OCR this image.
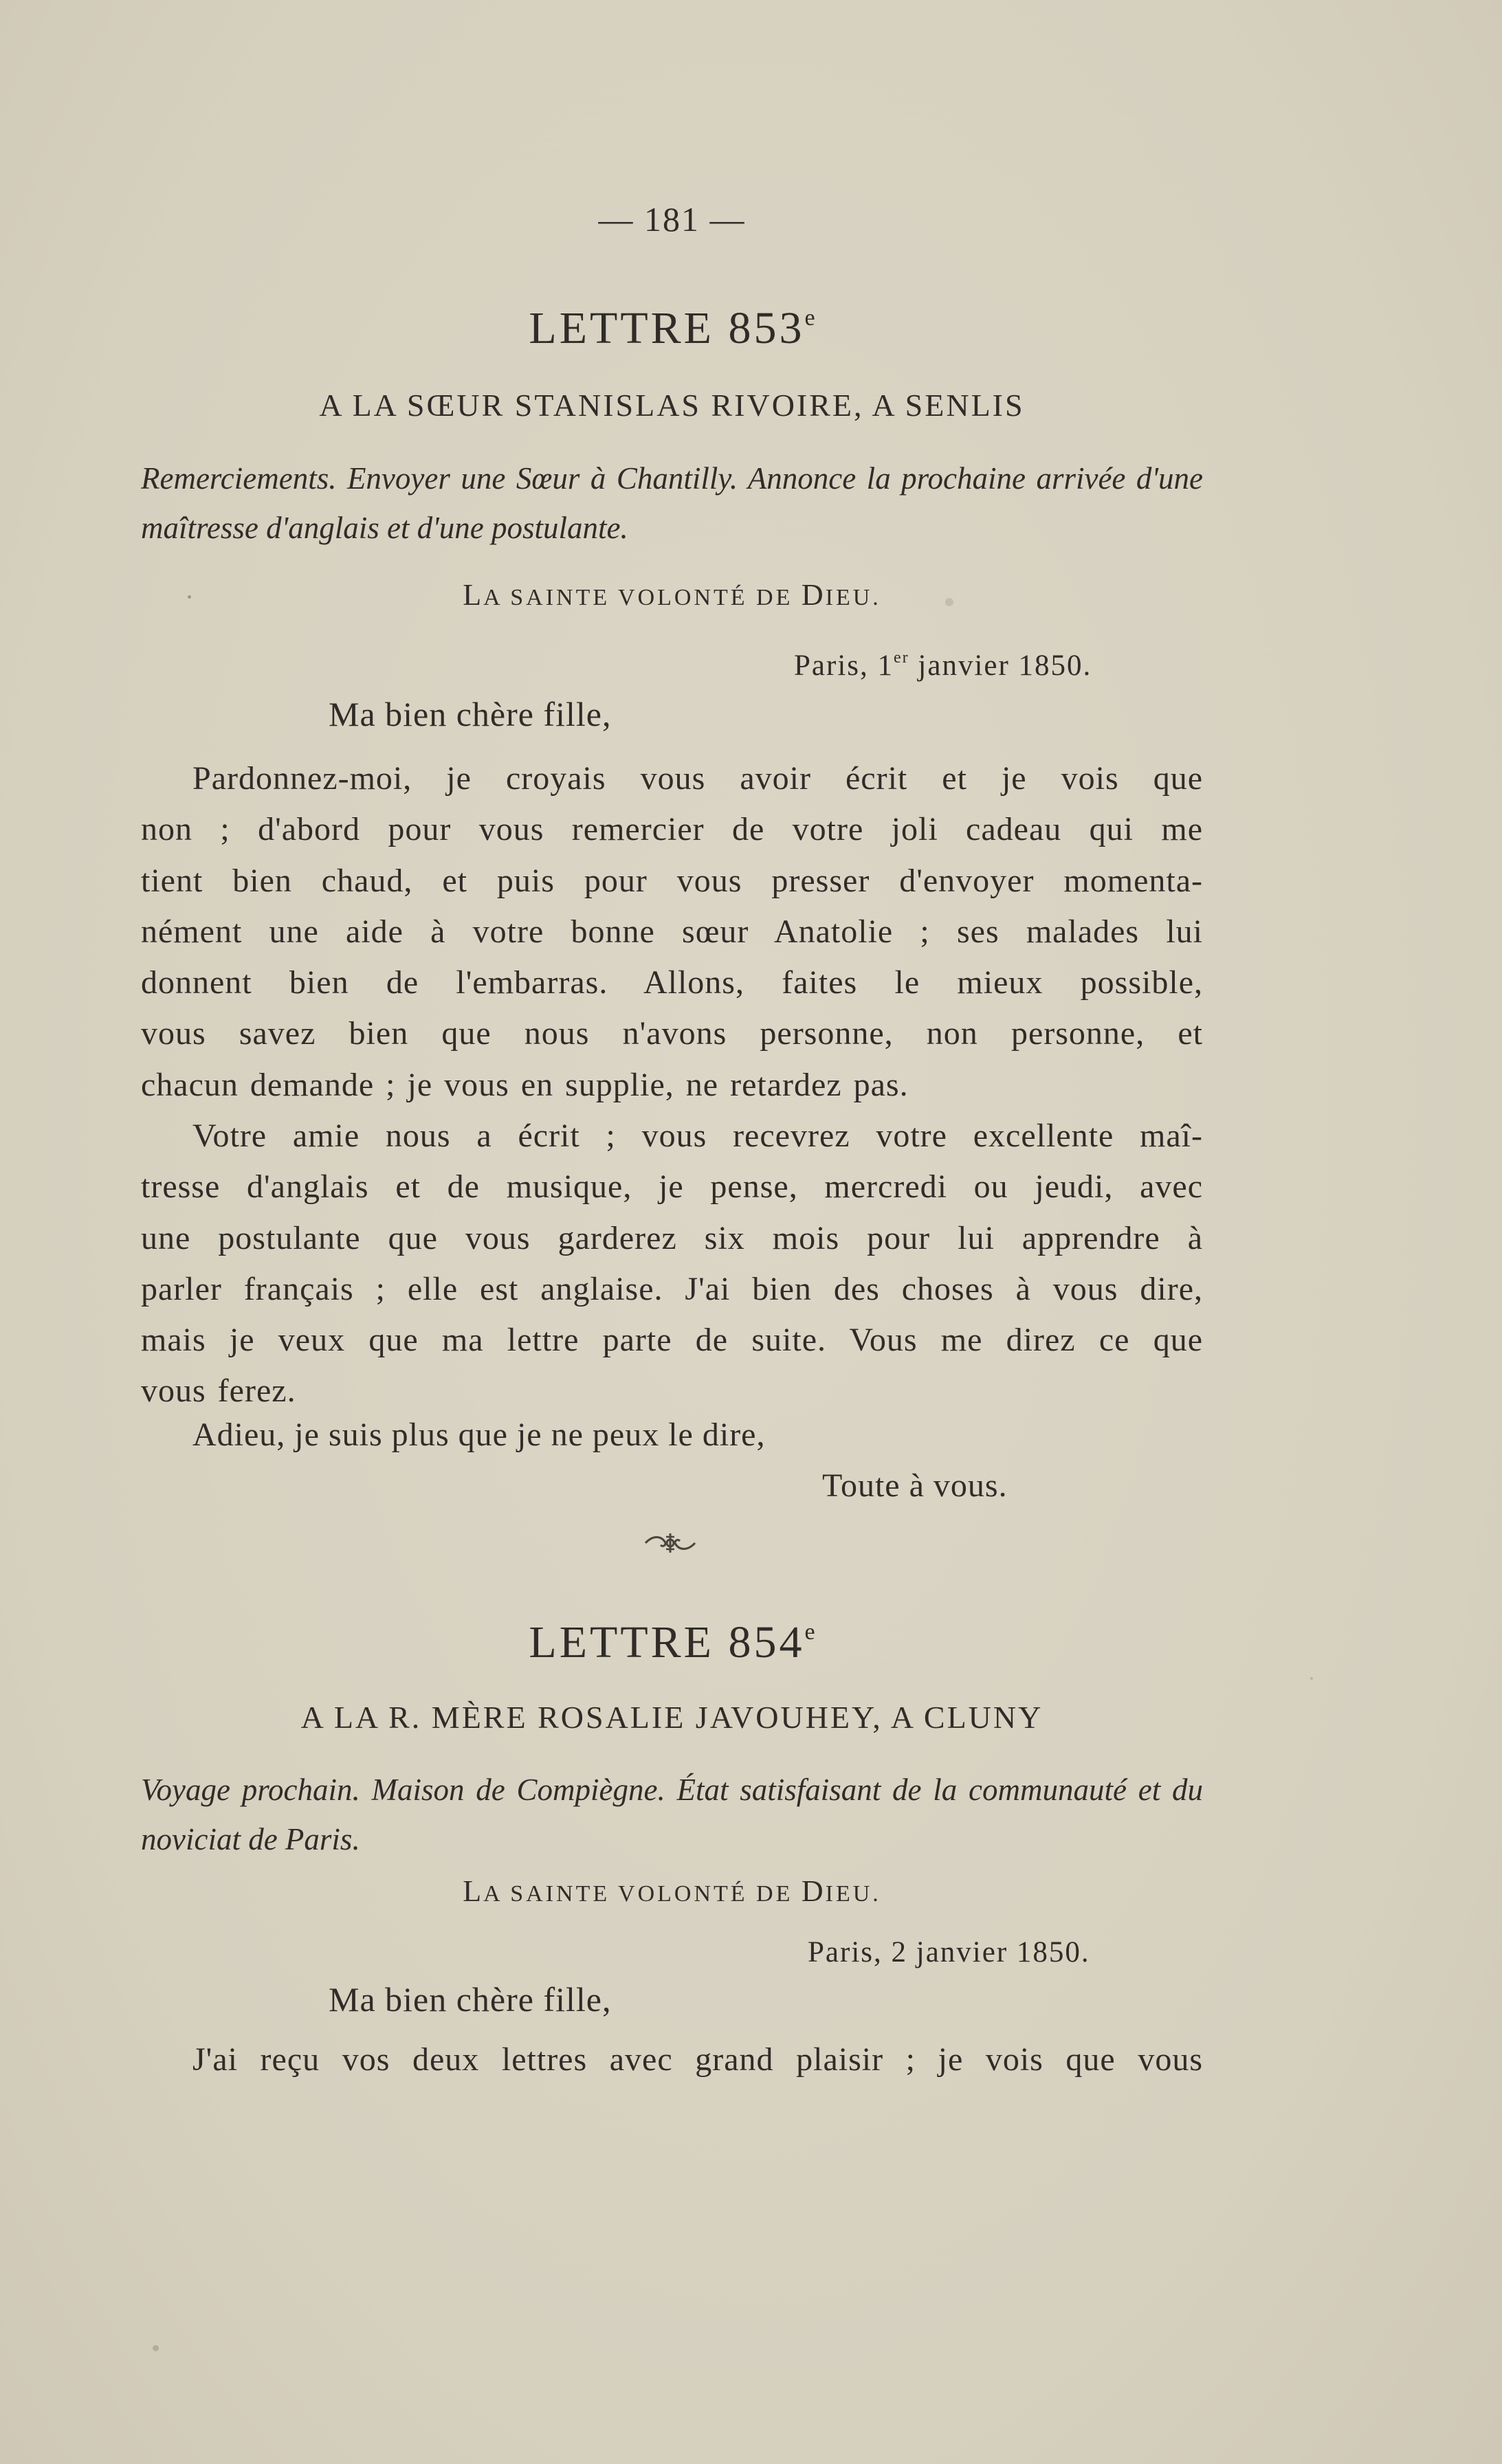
— 181 —
LETTRE 853e
A LA SŒUR STANISLAS RIVOIRE, A SENLIS
Remerciements. Envoyer une Sœur à Chantilly. Annonce la prochaine arrivée d'une maîtresse d'anglais et d'une postulante.
LA SAINTE VOLONTÉ DE DIEU.
Paris, 1er janvier 1850.
Ma bien chère fille,
Pardonnez-moi, je croyais vous avoir écrit et je vois que
non ; d'abord pour vous remercier de votre joli cadeau qui me
tient bien chaud, et puis pour vous presser d'envoyer momenta-
nément une aide à votre bonne sœur Anatolie ; ses malades lui
donnent bien de l'embarras. Allons, faites le mieux possible,
vous savez bien que nous n'avons personne, non personne, et
chacun demande ; je vous en supplie, ne retardez pas.
Votre amie nous a écrit ; vous recevrez votre excellente maî-
tresse d'anglais et de musique, je pense, mercredi ou jeudi, avec
une postulante que vous garderez six mois pour lui apprendre à
parler français ; elle est anglaise. J'ai bien des choses à vous dire,
mais je veux que ma lettre parte de suite. Vous me direz ce que
vous ferez.
Adieu, je suis plus que je ne peux le dire,
Toute à vous.
LETTRE 854e
A LA R. MÈRE ROSALIE JAVOUHEY, A CLUNY
Voyage prochain. Maison de Compiègne. État satisfaisant de la communauté et du noviciat de Paris.
LA SAINTE VOLONTÉ DE DIEU.
Paris, 2 janvier 1850.
Ma bien chère fille,
J'ai reçu vos deux lettres avec grand plaisir ; je vois que vous
